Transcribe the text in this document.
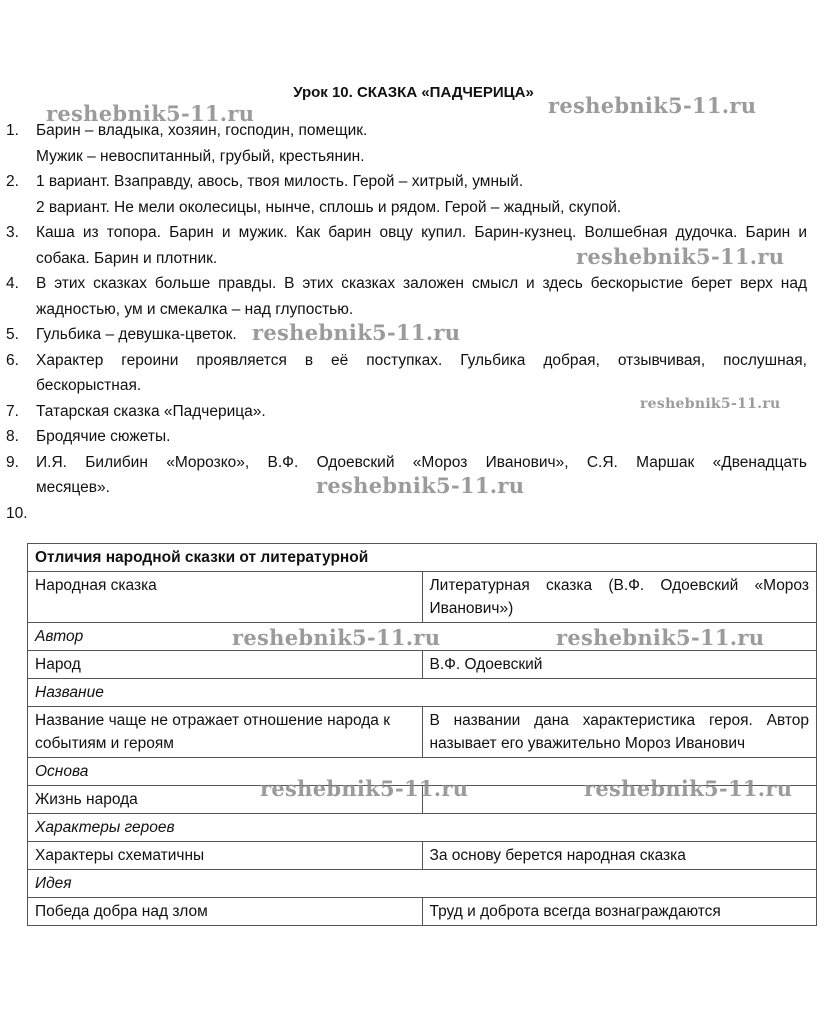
Урок 10. СКАЗКА «ПАДЧЕРИЦА»
1. Барин – владыка, хозяин, господин, помещик.
Мужик – невоспитанный, грубый, крестьянин.
2. 1 вариант. Взаправду, авось, твоя милость. Герой – хитрый, умный.
2 вариант. Не мели околесицы, нынче, сплошь и рядом. Герой – жадный, скупой.
3. Каша из топора. Барин и мужик. Как барин овцу купил. Барин-кузнец. Волшебная дудочка. Барин и
собака. Барин и плотник.
4. В этих сказках больше правды. В этих сказках заложен смысл и здесь бескорыстие берет верх над
жадностью, ум и смекалка – над глупостью.
5. Гульбика – девушка-цветок.
6. Характер героини проявляется в её поступках. Гульбика добрая, отзывчивая, послушная,
бескорыстная.
7. Татарская сказка «Падчерица».
8. Бродячие сюжеты.
9. И.Я. Билибин «Морозко», В.Ф. Одоевский «Мороз Иванович», С.Я. Маршак «Двенадцать
месяцев».
10.

Отличия народной сказки от литературной	
Народная сказка	Литературная сказка (В.Ф. Одоевский «Мороз Иванович»)
Автор	
Народ	В.Ф. Одоевский
Название	
Название чаще не отражает отношение народа к событиям и героям	В названии дана характеристика героя. Автор называет его уважительно Мороз Иванович
Основа	
Жизнь народа	
Характеры героев	
Характеры схематичны	За основу берется народная сказка
Идея	
Победа добра над злом	Труд и доброта всегда вознаграждаются
reshebnik5-11.ru	reshebnik5-11.ru
reshebnik5-11.ru
reshebnik5-11.ru
reshebnik5-11.ru
reshebnik5-11.ru
reshebnik5-11.ru	reshebnik5-11.ru
reshebnik5-11.ru	reshebnik5-11.ru
